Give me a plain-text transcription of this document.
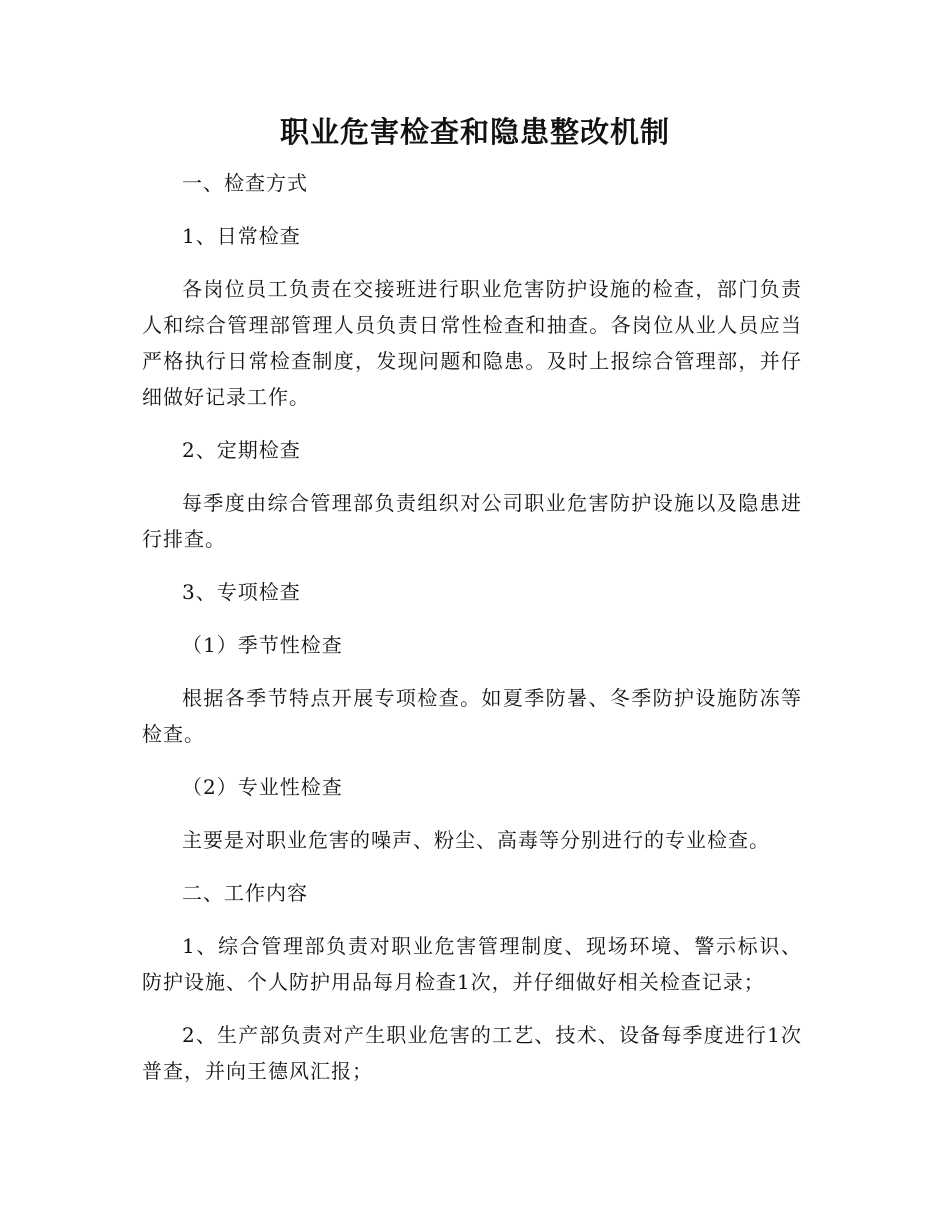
职业危害检查和隐患整改机制

一、检查方式

1、日常检查

各岗位员工负责在交接班进行职业危害防护设施的检查，部门负责人和综合管理部管理人员负责日常性检查和抽查。各岗位从业人员应当严格执行日常检查制度，发现问题和隐患。及时上报综合管理部，并仔细做好记录工作。

2、定期检查

每季度由综合管理部负责组织对公司职业危害防护设施以及隐患进行排查。

3、专项检查

（1）季节性检查

根据各季节特点开展专项检查。如夏季防暑、冬季防护设施防冻等检查。

（2）专业性检查

主要是对职业危害的噪声、粉尘、高毒等分别进行的专业检查。

二、工作内容

1、综合管理部负责对职业危害管理制度、现场环境、警示标识、防护设施、个人防护用品每月检查1次，并仔细做好相关检查记录；

2、生产部负责对产生职业危害的工艺、技术、设备每季度进行1次普查，并向王德风汇报；
